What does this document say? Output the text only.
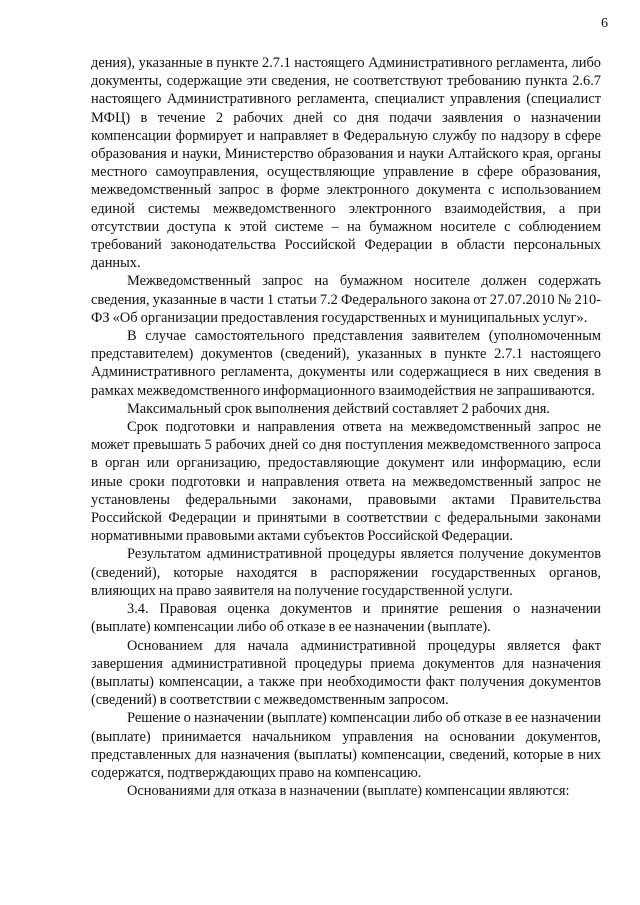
6

дения), указанные в пункте 2.7.1 настоящего Административного регламента, либо документы, содержащие эти сведения, не соответствуют требованию пункта 2.6.7 настоящего Административного регламента, специалист управления (специалист МФЦ) в течение 2 рабочих дней со дня подачи заявления о назначении компенсации формирует и направляет в Федеральную службу по надзору в сфере образования и науки, Министерство образования и науки Алтайского края, органы местного самоуправления, осуществляющие управление в сфере образования, межведомственный запрос в форме электронного документа с использованием единой системы межведомственного электронного взаимодействия, а при отсутствии доступа к этой системе – на бумажном носителе с соблюдением требований законодательства Российской Федерации в области персональных данных.

Межведомственный запрос на бумажном носителе должен содержать сведения, указанные в части 1 статьи 7.2 Федерального закона от 27.07.2010 № 210-ФЗ «Об организации предоставления государственных и муниципальных услуг».

В случае самостоятельного представления заявителем (уполномоченным представителем) документов (сведений), указанных в пункте 2.7.1 настоящего Административного регламента, документы или содержащиеся в них сведения в рамках межведомственного информационного взаимодействия не запрашиваются.

Максимальный срок выполнения действий составляет 2 рабочих дня.

Срок подготовки и направления ответа на межведомственный запрос не может превышать 5 рабочих дней со дня поступления межведомственного запроса в орган или организацию, предоставляющие документ или информацию, если иные сроки подготовки и направления ответа на межведомственный запрос не установлены федеральными законами, правовыми актами Правительства Российской Федерации и принятыми в соответствии с федеральными законами нормативными правовыми актами субъектов Российской Федерации.

Результатом административной процедуры является получение документов (сведений), которые находятся в распоряжении государственных органов, влияющих на право заявителя на получение государственной услуги.

3.4. Правовая оценка документов и принятие решения о назначении (выплате) компенсации либо об отказе в ее назначении (выплате).

Основанием для начала административной процедуры является факт завершения административной процедуры приема документов для назначения (выплаты) компенсации, а также при необходимости факт получения документов (сведений) в соответствии с межведомственным запросом.

Решение о назначении (выплате) компенсации либо об отказе в ее назначении (выплате) принимается начальником управления на основании документов, представленных для назначения (выплаты) компенсации, сведений, которые в них содержатся, подтверждающих право на компенсацию.

Основаниями для отказа в назначении (выплате) компенсации являются:
